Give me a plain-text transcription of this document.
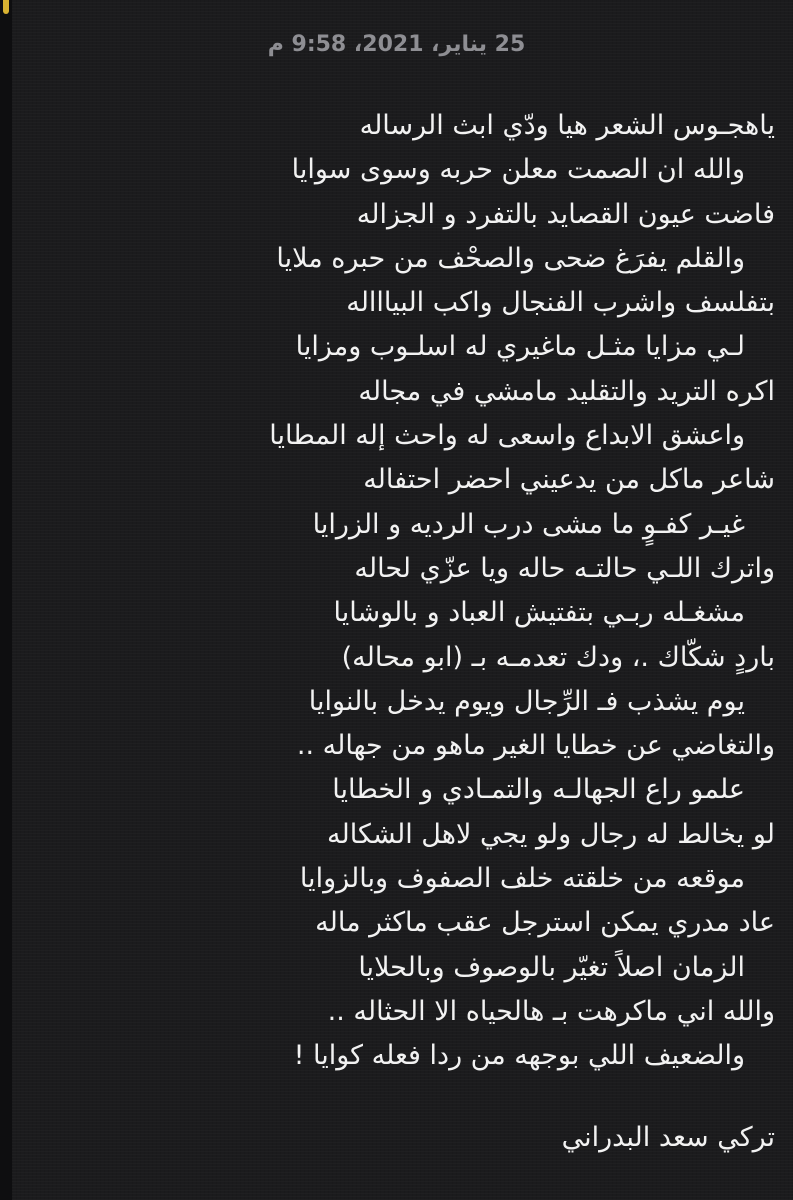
25 يناير، 2021، 9:58 م
ياهجـوس الشعر هيا ودّي ابث الرساله
والله ان الصمت معلن حربه وسوى سوايا
فاضت عيون القصايد بالتفرد و الجزاله
والقلم يفرَغ ضحى والصحْف من حبره ملايا
بتفلسف واشرب الفنجال واكب البياااله
لـي مزايا مثـل ماغيري له اسلـوب ومزايا
اكره التريد والتقليد مامشي في مجاله
واعشق الابداع واسعى له واحث إله المطايا
شاعر ماكل من يدعيني احضر احتفاله
غيـر كفـوٍ ما مشى درب الرديه و الزرايا
واترك اللـي حالتـه حاله ويا عزّي لحاله
مشغـله ربـي بتفتيش العباد و بالوشايا
باردٍ شكّاك .، ودك تعدمـه بـ (ابو محاله)
يوم يشذب فـ الرِّجال ويوم يدخل بالنوايا
والتغاضي عن خطايا الغير ماهو من جهاله ..
علمو راع الجهالـه والتمـادي و الخطايا
لو يخالط له رجال ولو يجي لاهل الشكاله
موقعه من خلقته خلف الصفوف وبالزوايا
عاد مدري يمكن استرجل عقب ماكثر ماله
الزمان اصلاً تغيّر بالوصوف وبالحلايا
والله اني ماكرهت بـ هالحياه الا الحثاله ..
والضعيف اللي بوجهه من ردا فعله كوايا !
تركي سعد البدراني
